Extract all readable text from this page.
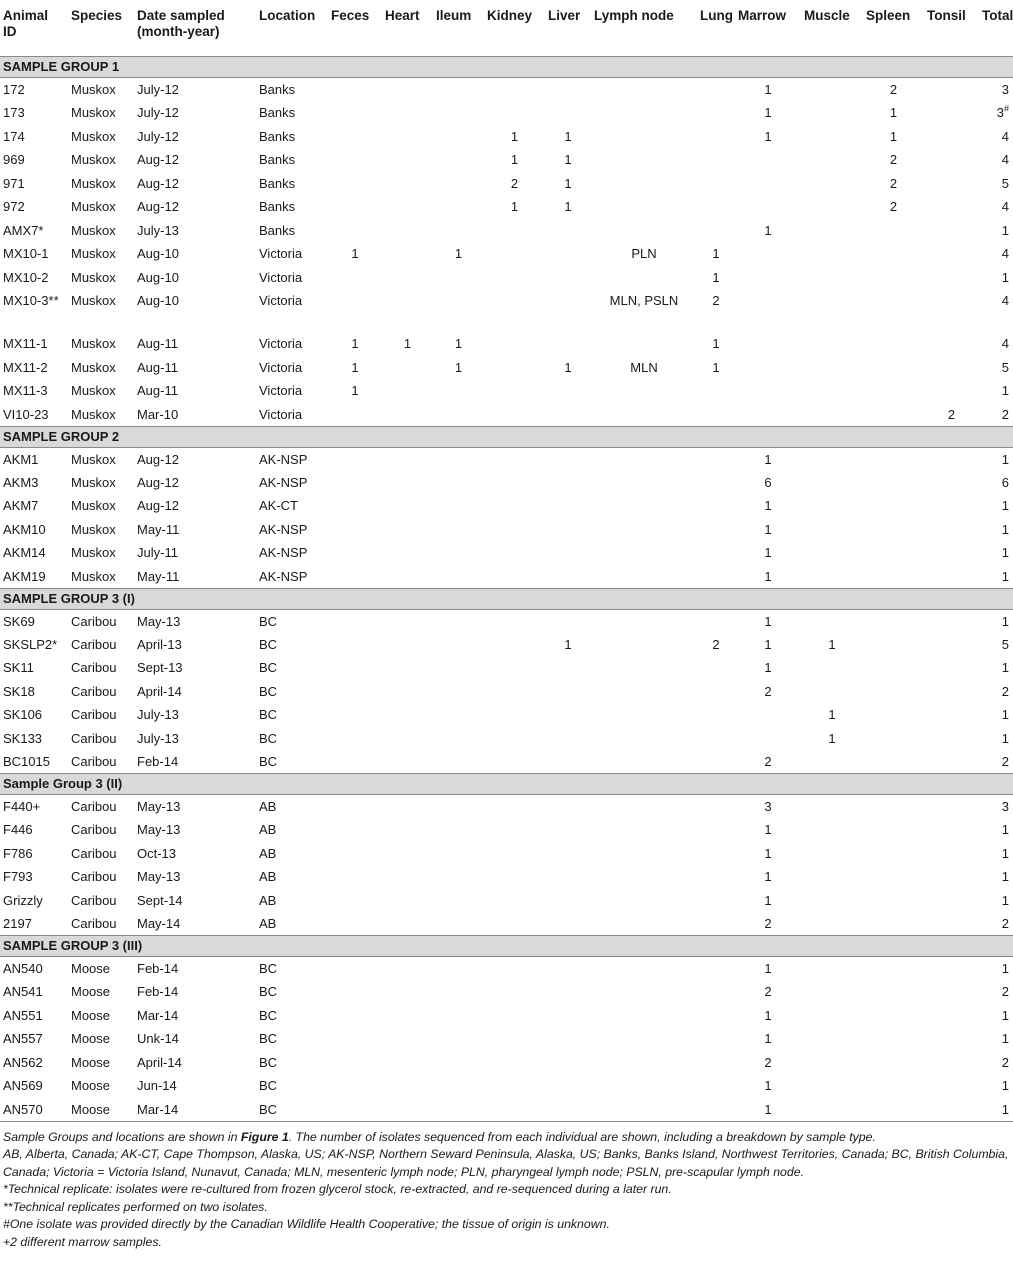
Animal ID	Species	Date sampled (month-year)	Location	Feces	Heart	Ileum	Kidney	Liver	Lymph node	Lung	Marrow	Muscle	Spleen	Tonsil	Total
SAMPLE GROUP 1															
172	Muskox	July-12	Banks								1		2		3
173	Muskox	July-12	Banks								1		1		3#
174	Muskox	July-12	Banks				1	1			1		1		4
969	Muskox	Aug-12	Banks				1	1					2		4
971	Muskox	Aug-12	Banks				2	1					2		5
972	Muskox	Aug-12	Banks				1	1					2		4
AMX7*	Muskox	July-13	Banks								1				1
MX10-1	Muskox	Aug-10	Victoria	1		1			PLN	1					4
MX10-2	Muskox	Aug-10	Victoria							1					1
MX10-3**	Muskox	Aug-10	Victoria						MLN, PSLN	2					4
MX11-1	Muskox	Aug-11	Victoria	1	1	1				1					4
MX11-2	Muskox	Aug-11	Victoria	1		1		1	MLN	1					5
MX11-3	Muskox	Aug-11	Victoria	1											1
VI10-23	Muskox	Mar-10	Victoria											2	2
SAMPLE GROUP 2															
AKM1	Muskox	Aug-12	AK-NSP								1				1
AKM3	Muskox	Aug-12	AK-NSP								6				6
AKM7	Muskox	Aug-12	AK-CT								1				1
AKM10	Muskox	May-11	AK-NSP								1				1
AKM14	Muskox	July-11	AK-NSP								1				1
AKM19	Muskox	May-11	AK-NSP								1				1
SAMPLE GROUP 3 (I)															
SK69	Caribou	May-13	BC								1				1
SKSLP2*	Caribou	April-13	BC					1		2	1	1			5
SK11	Caribou	Sept-13	BC								1				1
SK18	Caribou	April-14	BC								2				2
SK106	Caribou	July-13	BC									1			1
SK133	Caribou	July-13	BC									1			1
BC1015	Caribou	Feb-14	BC								2				2
Sample Group 3 (II)															
F440+	Caribou	May-13	AB								3				3
F446	Caribou	May-13	AB								1				1
F786	Caribou	Oct-13	AB								1				1
F793	Caribou	May-13	AB								1				1
Grizzly	Caribou	Sept-14	AB								1				1
2197	Caribou	May-14	AB								2				2
SAMPLE GROUP 3 (III)															
AN540	Moose	Feb-14	BC								1				1
AN541	Moose	Feb-14	BC								2				2
AN551	Moose	Mar-14	BC								1				1
AN557	Moose	Unk-14	BC								1				1
AN562	Moose	April-14	BC								2				2
AN569	Moose	Jun-14	BC								1				1
AN570	Moose	Mar-14	BC								1				1

Sample Groups and locations are shown in Figure 1. The number of isolates sequenced from each individual are shown, including a breakdown by sample type.

AB, Alberta, Canada; AK-CT, Cape Thompson, Alaska, US; AK-NSP, Northern Seward Peninsula, Alaska, US; Banks, Banks Island, Northwest Territories, Canada; BC, British Columbia, Canada; Victoria = Victoria Island, Nunavut, Canada; MLN, mesenteric lymph node; PLN, pharyngeal lymph node; PSLN, pre-scapular lymph node.

*Technical replicate: isolates were re-cultured from frozen glycerol stock, re-extracted, and re-sequenced during a later run.

**Technical replicates performed on two isolates.

#One isolate was provided directly by the Canadian Wildlife Health Cooperative; the tissue of origin is unknown.

+2 different marrow samples.
